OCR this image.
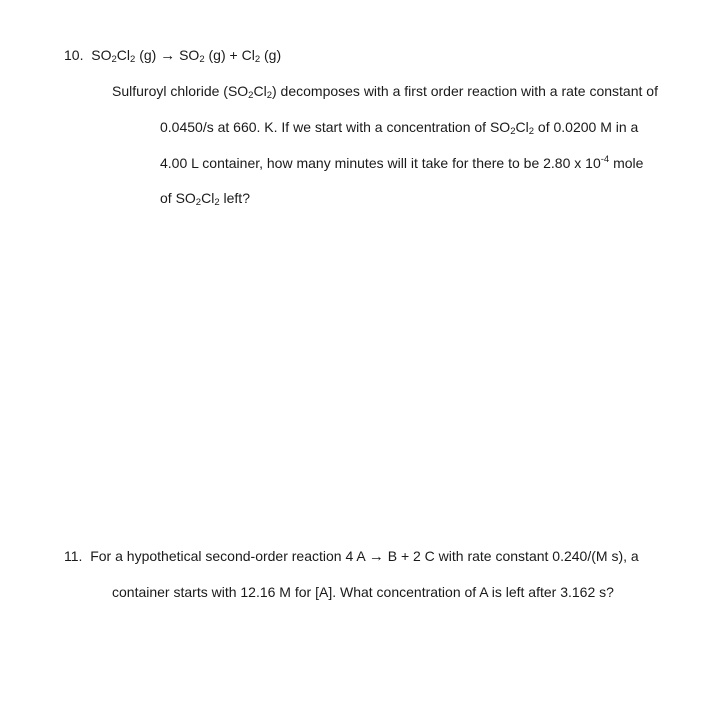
10. $SO_2Cl_2$ $(g) \to SO_2$ $(g) + Cl_2$ (g)
Sulfuroyl chloride $(SO_2Cl_2)$ decomposes with a first order reaction with a rate constant of
0.0450/s at 660. K. If we start with a concentration of $SO_2Cl_2$ of 0.0200 M in a
4.00 L container, how many minutes will it take for there to be 2.80 x $10^{-4}$ mole
of $SO_2Cl_2$ left?
11. For a hypothetical second-order reaction 4 A → B + 2 C with rate constant 0.240/(M s), a
container starts with 12.16 M for [A]. What concentration of A is left after 3.162 s?
